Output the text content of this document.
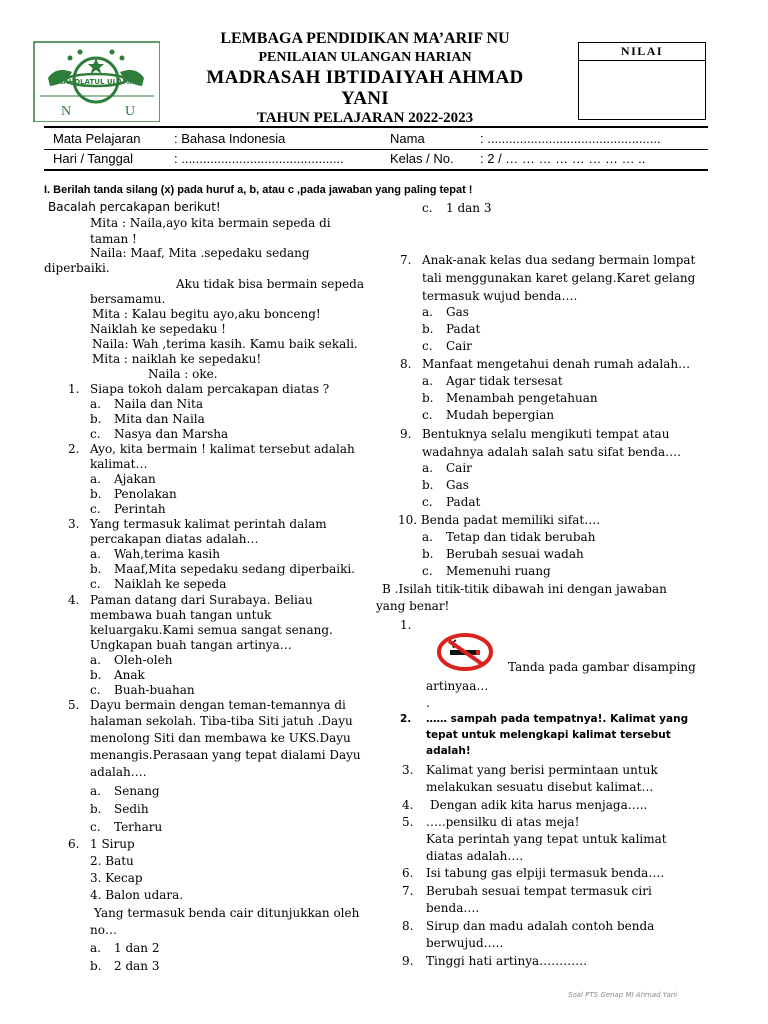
NAHDLATUL ULAMA
N	U
LEMBAGA PENDIDIKAN MA’ARIF NU
PENILAIAN ULANGAN HARIAN
MADRASAH IBTIDAIYAH AHMAD
YANI
TAHUN PELAJARAN 2022-2023
NILAI
Mata Pelajaran	: Bahasa Indonesia	Nama	: ................................................
Hari / Tanggal	: .............................................	Kelas / No. : 2 / … … … … … … … … ..
I. Berilah tanda silang (x) pada huruf a, b, atau c ,pada jawaban yang paling tepat !
Bacalah percakapan berikut!
Mita : Naila,ayo kita bermain sepeda di
taman !
Naila: Maaf, Mita .sepedaku sedang
diperbaiki.
Aku tidak bisa bermain sepeda
bersamamu.
Mita : Kalau begitu ayo,aku bonceng!
Naiklah ke sepedaku !
Naila: Wah ,terima kasih. Kamu baik sekali.
Mita : naiklah ke sepedaku!
Naila : oke.
1. Siapa tokoh dalam percakapan diatas ?
a. Naila dan Nita
b. Mita dan Naila
c. Nasya dan Marsha
2. Ayo, kita bermain ! kalimat tersebut adalah
kalimat…
a. Ajakan
b. Penolakan
c. Perintah
3. Yang termasuk kalimat perintah dalam
percakapan diatas adalah…
a. Wah,terima kasih
b. Maaf,Mita sepedaku sedang diperbaiki.
c. Naiklah ke sepeda
4. Paman datang dari Surabaya. Beliau
membawa buah tangan untuk
keluargaku.Kami semua sangat senang.
Ungkapan buah tangan artinya…
a. Oleh-oleh
b. Anak
c. Buah-buahan
5. Dayu bermain dengan teman-temannya di
halaman sekolah. Tiba-tiba Siti jatuh .Dayu
menolong Siti dan membawa ke UKS.Dayu
menangis.Perasaan yang tepat dialami Dayu
adalah….
a. Senang
b. Sedih
c. Terharu
6. 1 Sirup
2. Batu
3. Kecap
4. Balon udara.
Yang termasuk benda cair ditunjukkan oleh
no…
a. 1 dan 2
b. 2 dan 3
c. 1 dan 3
7. Anak-anak kelas dua sedang bermain lompat
tali menggunakan karet gelang.Karet gelang
termasuk wujud benda….
a. Gas
b. Padat
c. Cair
8. Manfaat mengetahui denah rumah adalah…
a. Agar tidak tersesat
b. Menambah pengetahuan
c. Mudah bepergian
9. Bentuknya selalu mengikuti tempat atau
wadahnya adalah salah satu sifat benda….
a. Cair
b. Gas
c. Padat
10. Benda padat memiliki sifat….
a. Tetap dan tidak berubah
b. Berubah sesuai wadah
c. Memenuhi ruang
B .Isilah titik-titik dibawah ini dengan jawaban
yang benar!
1.
Tanda pada gambar disamping
artinyaa…
.
2. …… sampah pada tempatnya!. Kalimat yang
tepat untuk melengkapi kalimat tersebut
adalah!
3. Kalimat yang berisi permintaan untuk
melakukan sesuatu disebut kalimat…
4. Dengan adik kita harus menjaga…..
5. …..pensilku di atas meja!
Kata perintah yang tepat untuk kalimat
diatas adalah….
6. Isi tabung gas elpiji termasuk benda….
7. Berubah sesuai tempat termasuk ciri
benda….
8. Sirup dan madu adalah contoh benda
berwujud…..
9. Tinggi hati artinya…………
Soal PTS Genap MI Ahmad Yani
